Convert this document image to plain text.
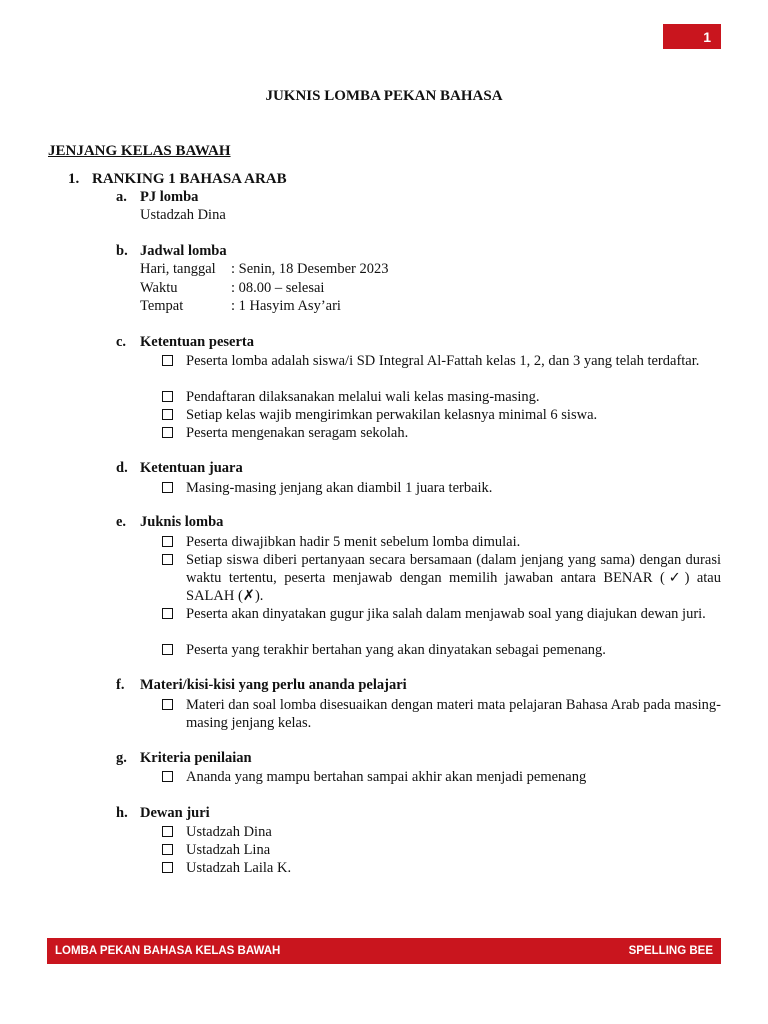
1
JUKNIS LOMBA PEKAN BAHASA
JENJANG KELAS BAWAH
1. RANKING 1 BAHASA ARAB
a. PJ lomba
Ustadzah Dina
b. Jadwal lomba
Hari, tanggal : Senin, 18 Desember 2023
Waktu	: 08.00 – selesai
Tempat	: 1 Hasyim Asy’ari
c. Ketentuan peserta
Peserta lomba adalah siswa/i SD Integral Al-Fattah kelas 1, 2, dan 3 yang telah terdaftar.
Pendaftaran dilaksanakan melalui wali kelas masing-masing.
Setiap kelas wajib mengirimkan perwakilan kelasnya minimal 6 siswa.
Peserta mengenakan seragam sekolah.
d. Ketentuan juara
Masing-masing jenjang akan diambil 1 juara terbaik.
e. Juknis lomba
Peserta diwajibkan hadir 5 menit sebelum lomba dimulai.
Setiap siswa diberi pertanyaan secara bersamaan (dalam jenjang yang sama) dengan durasi waktu tertentu, peserta menjawab dengan memilih jawaban antara BENAR (✓) atau SALAH (✗).
Peserta akan dinyatakan gugur jika salah dalam menjawab soal yang diajukan dewan juri.
Peserta yang terakhir bertahan yang akan dinyatakan sebagai pemenang.
f. Materi/kisi-kisi yang perlu ananda pelajari
Materi dan soal lomba disesuaikan dengan materi mata pelajaran Bahasa Arab pada masing-masing jenjang kelas.
g. Kriteria penilaian
Ananda yang mampu bertahan sampai akhir akan menjadi pemenang
h. Dewan juri
Ustadzah Dina
Ustadzah Lina
Ustadzah Laila K.
LOMBA PEKAN BAHASA KELAS BAWAH	SPELLING BEE
